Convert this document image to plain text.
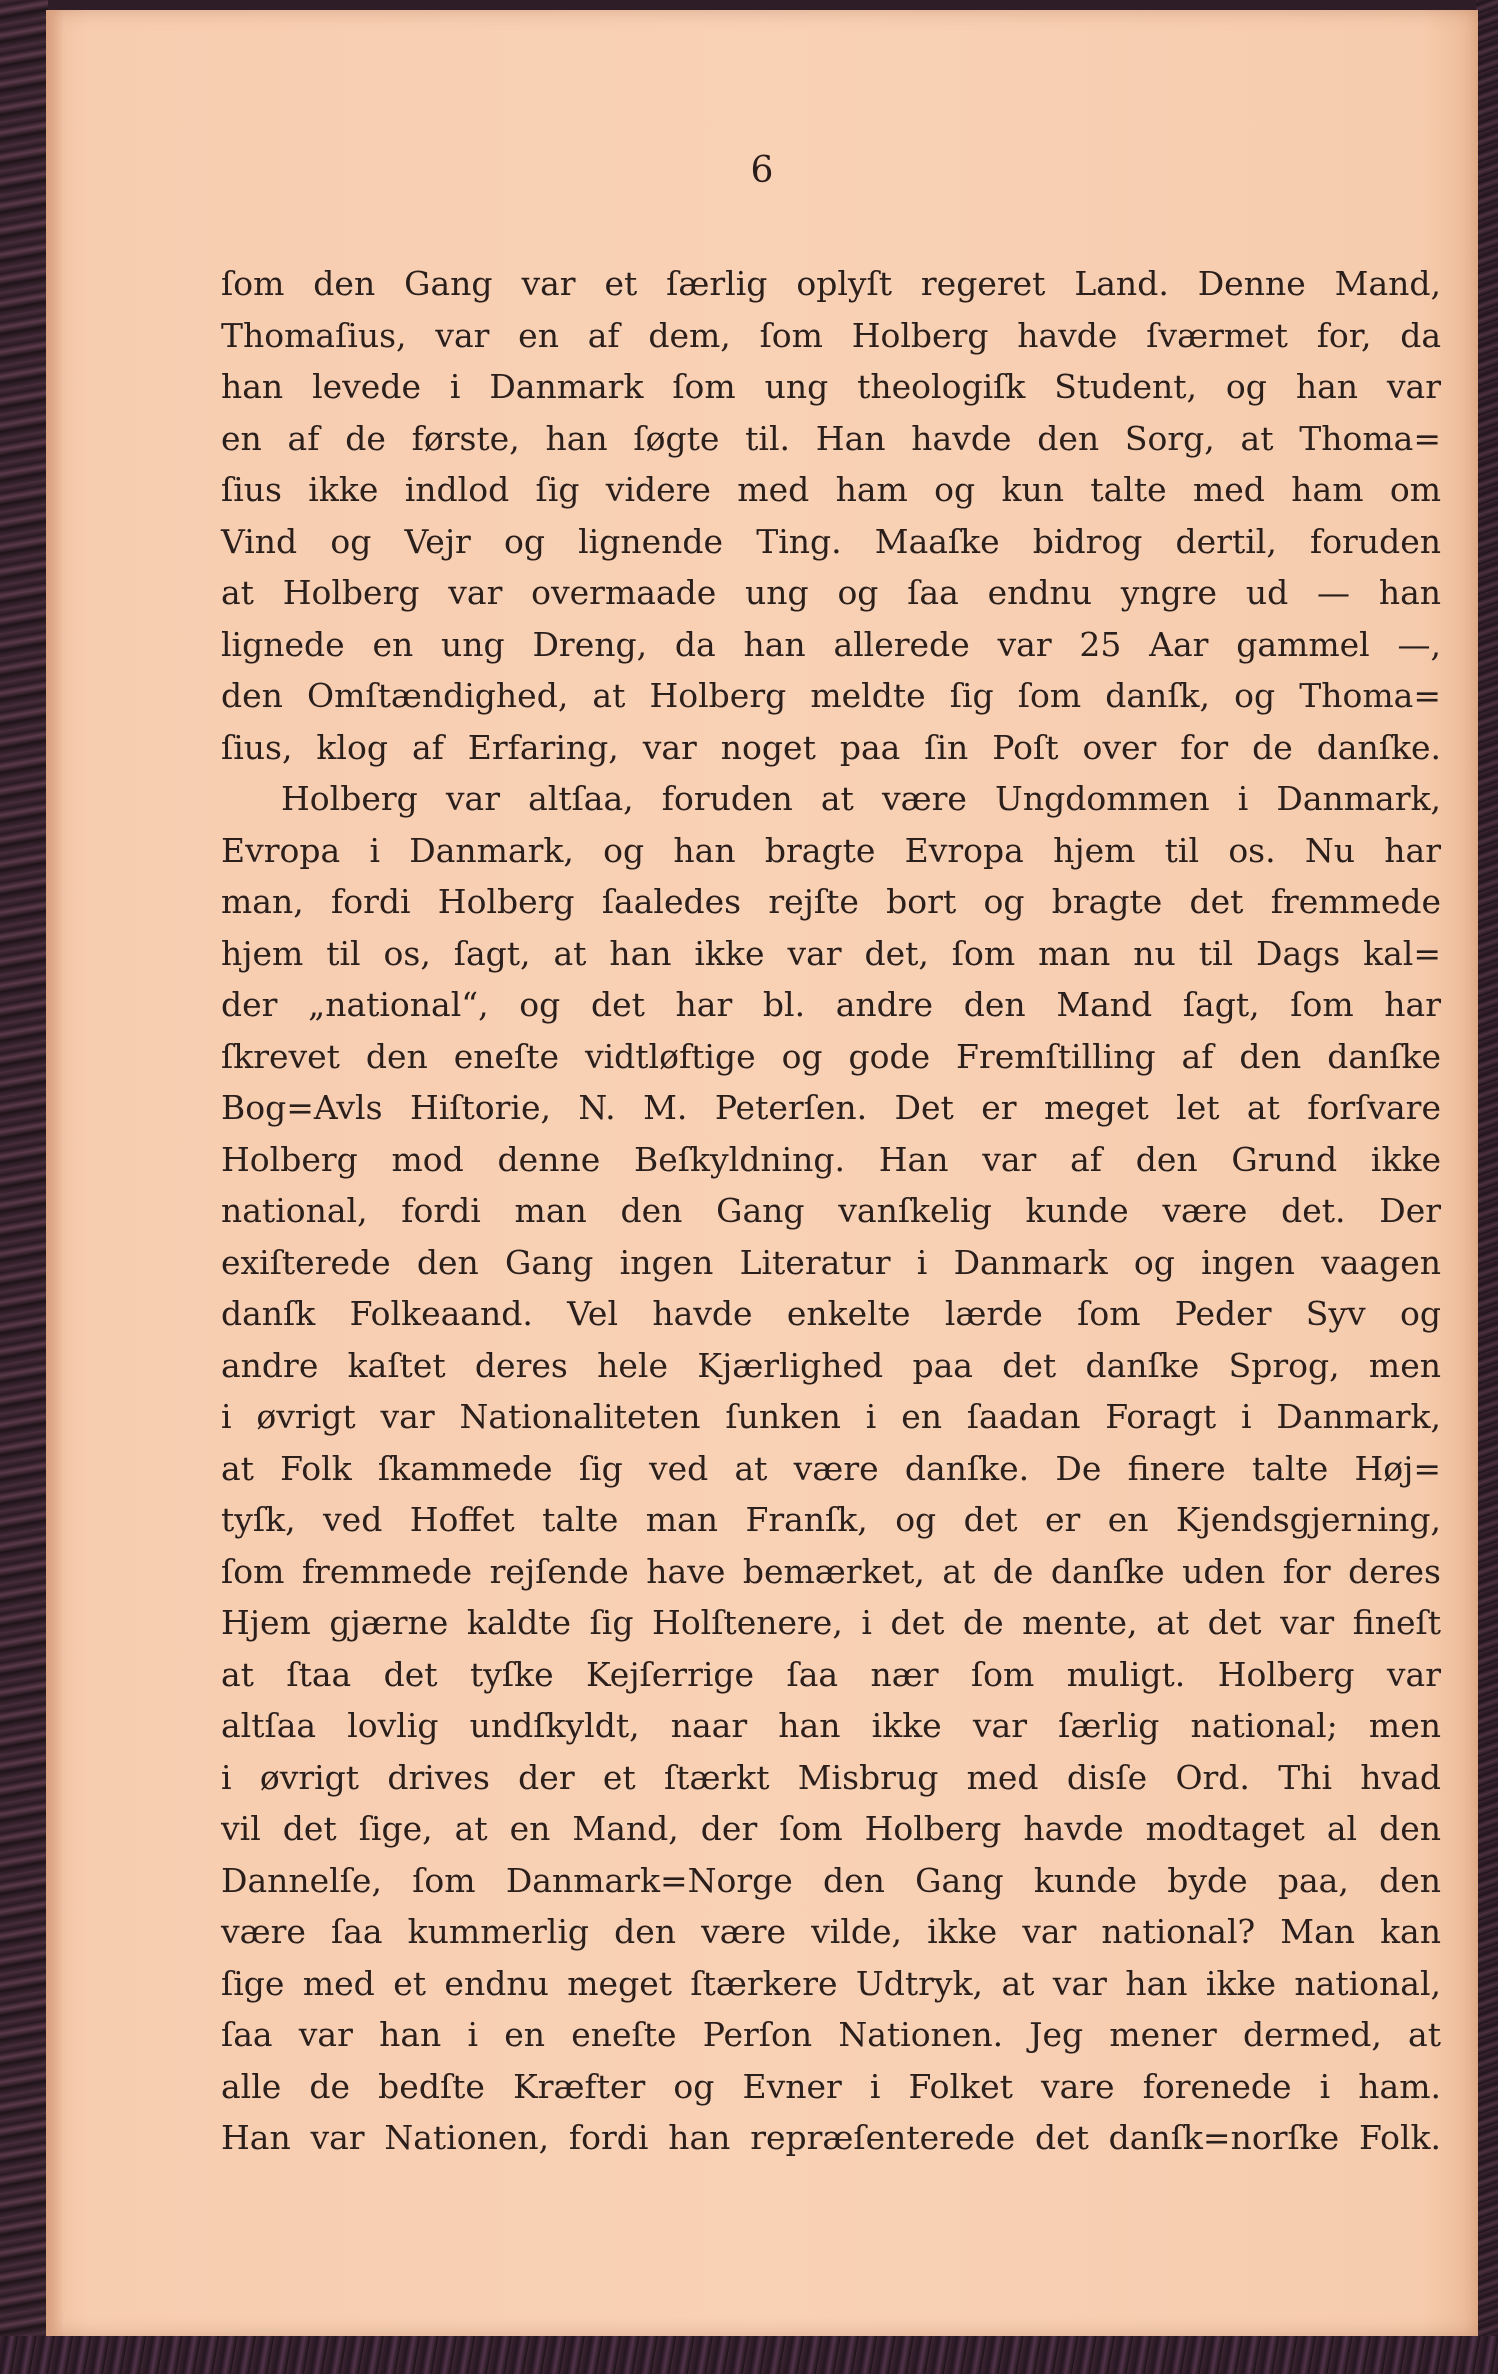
6

ſom den Gang var et ſærlig oplyſt regeret Land. Denne Mand,
Thomaſius, var en af dem, ſom Holberg havde ſværmet for, da
han levede i Danmark ſom ung theologiſk Student, og han var
en af de første, han ſøgte til. Han havde den Sorg, at Thoma=
ſius ikke indlod ſig videre med ham og kun talte med ham om
Vind og Vejr og lignende Ting. Maaſke bidrog dertil, foruden
at Holberg var overmaade ung og ſaa endnu yngre ud — han
lignede en ung Dreng, da han allerede var 25 Aar gammel —,
den Omſtændighed, at Holberg meldte ſig ſom danſk, og Thoma=
ſius, klog af Erfaring, var noget paa ſin Poſt over for de danſke.
Holberg var altſaa, foruden at være Ungdommen i Danmark,
Evropa i Danmark, og han bragte Evropa hjem til os. Nu har
man, fordi Holberg ſaaledes rejſte bort og bragte det fremmede
hjem til os, ſagt, at han ikke var det, ſom man nu til Dags kal=
der „national“, og det har bl. andre den Mand ſagt, ſom har
ſkrevet den eneſte vidtløftige og gode Fremſtilling af den danſke
Bog=Avls Hiſtorie, N. M. Peterſen. Det er meget let at forſvare
Holberg mod denne Beſkyldning. Han var af den Grund ikke
national, fordi man den Gang vanſkelig kunde være det. Der
exiſterede den Gang ingen Literatur i Danmark og ingen vaagen
danſk Folkeaand. Vel havde enkelte lærde ſom Peder Syv og
andre kaſtet deres hele Kjærlighed paa det danſke Sprog, men
i øvrigt var Nationaliteten ſunken i en ſaadan Foragt i Danmark,
at Folk ſkammede ſig ved at være danſke. De finere talte Høj=
tyſk, ved Hoffet talte man Franſk, og det er en Kjendsgjerning,
ſom fremmede rejſende have bemærket, at de danſke uden for deres
Hjem gjærne kaldte ſig Holſtenere, i det de mente, at det var fineſt
at ſtaa det tyſke Kejſerrige ſaa nær ſom muligt. Holberg var
altſaa lovlig undſkyldt, naar han ikke var ſærlig national; men
i øvrigt drives der et ſtærkt Misbrug med disſe Ord. Thi hvad
vil det ſige, at en Mand, der ſom Holberg havde modtaget al den
Dannelſe, ſom Danmark=Norge den Gang kunde byde paa, den
være ſaa kummerlig den være vilde, ikke var national? Man kan
ſige med et endnu meget ſtærkere Udtryk, at var han ikke national,
ſaa var han i en eneſte Perſon Nationen. Jeg mener dermed, at
alle de bedſte Kræfter og Evner i Folket vare forenede i ham.
Han var Nationen, fordi han repræſenterede det danſk=norſke Folk.
